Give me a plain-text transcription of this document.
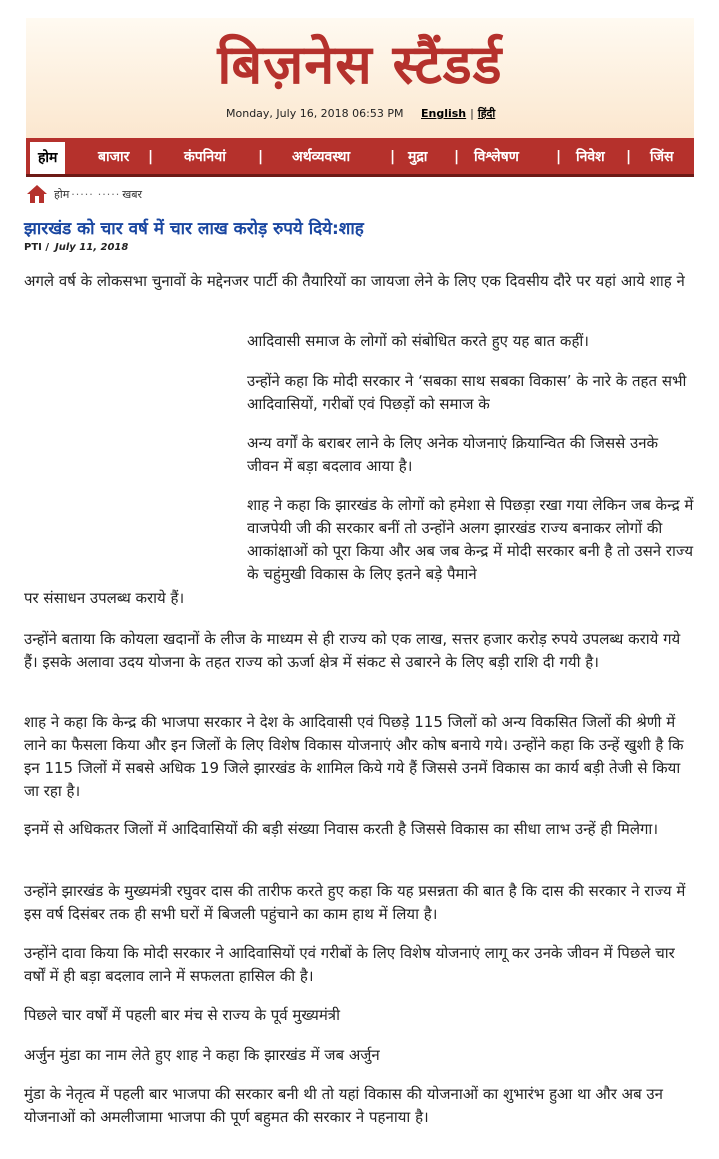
बिज़नेस स्टैंडर्ड
Monday, July 16, 2018 06:53 PM English | हिंदी
होम	बाजार | कंपनियां | अर्थव्यवस्था	| मुद्रा | विश्लेषण	| निवेश | जिंस
होम ····· ····· खबर
झारखंड को चार वर्ष में चार लाख करोड़ रुपये दिये:शाह
PTI / July 11, 2018

अगले वर्ष के लोकसभा चुनावों के मद्देनजर पार्टी की तैयारियों का जायजा लेने के लिए एक दिवसीय दौरे पर यहां आये शाह ने

आदिवासी समाज के लोगों को संबोधित करते हुए यह बात कहीं।

उन्होंने कहा कि मोदी सरकार ने ‘सबका साथ सबका विकास’ के नारे के तहत सभी आदिवासियों, गरीबों एवं पिछड़ों को समाज के

अन्य वर्गों के बराबर लाने के लिए अनेक योजनाएं क्रियान्वित की जिससे उनके जीवन में बड़ा बदलाव आया है।

शाह ने कहा कि झारखंड के लोगों को हमेशा से पिछड़ा रखा गया लेकिन जब केन्द्र में वाजपेयी जी की सरकार बनीं तो उन्होंने अलग झारखंड राज्य बनाकर लोगों की आकांक्षाओं को पूरा किया और अब जब केन्द्र में मोदी सरकार बनी है तो उसने राज्य के चहुंमुखी विकास के लिए इतने बड़े पैमाने

पर संसाधन उपलब्ध कराये हैं।

उन्होंने बताया कि कोयला खदानों के लीज के माध्यम से ही राज्य को एक लाख, सत्तर हजार करोड़ रुपये उपलब्ध कराये गये हैं। इसके अलावा उदय योजना के तहत राज्य को ऊर्जा क्षेत्र में संकट से उबारने के लिए बड़ी राशि दी गयी है।

शाह ने कहा कि केन्द्र की भाजपा सरकार ने देश के आदिवासी एवं पिछड़े 115 जिलों को अन्य विकसित जिलों की श्रेणी में लाने का फैसला किया और इन जिलों के लिए विशेष विकास योजनाएं और कोष बनाये गये। उन्होंने कहा कि उन्हें खुशी है कि इन 115 जिलों में सबसे अधिक 19 जिले झारखंड के शामिल किये गये हैं जिससे उनमें विकास का कार्य बड़ी तेजी से किया जा रहा है।

इनमें से अधिकतर जिलों में आदिवासियों की बड़ी संख्या निवास करती है जिससे विकास का सीधा लाभ उन्हें ही मिलेगा।

उन्होंने झारखंड के मुख्यमंत्री रघुवर दास की तारीफ करते हुए कहा कि यह प्रसन्नता की बात है कि दास की सरकार ने राज्य में इस वर्ष दिसंबर तक ही सभी घरों में बिजली पहुंचाने का काम हाथ में लिया है।

उन्होंने दावा किया कि मोदी सरकार ने आदिवासियों एवं गरीबों के लिए विशेष योजनाएं लागू कर उनके जीवन में पिछले चार वर्षों में ही बड़ा बदलाव लाने में सफलता हासिल की है।

पिछले चार वर्षों में पहली बार मंच से राज्य के पूर्व मुख्यमंत्री

अर्जुन मुंडा का नाम लेते हुए शाह ने कहा कि झारखंड में जब अर्जुन

मुंडा के नेतृत्व में पहली बार भाजपा की सरकार बनी थी तो यहां विकास की योजनाओं का शुभारंभ हुआ था और अब उन योजनाओं को अमलीजामा भाजपा की पूर्ण बहुमत की सरकार ने पहनाया है।
